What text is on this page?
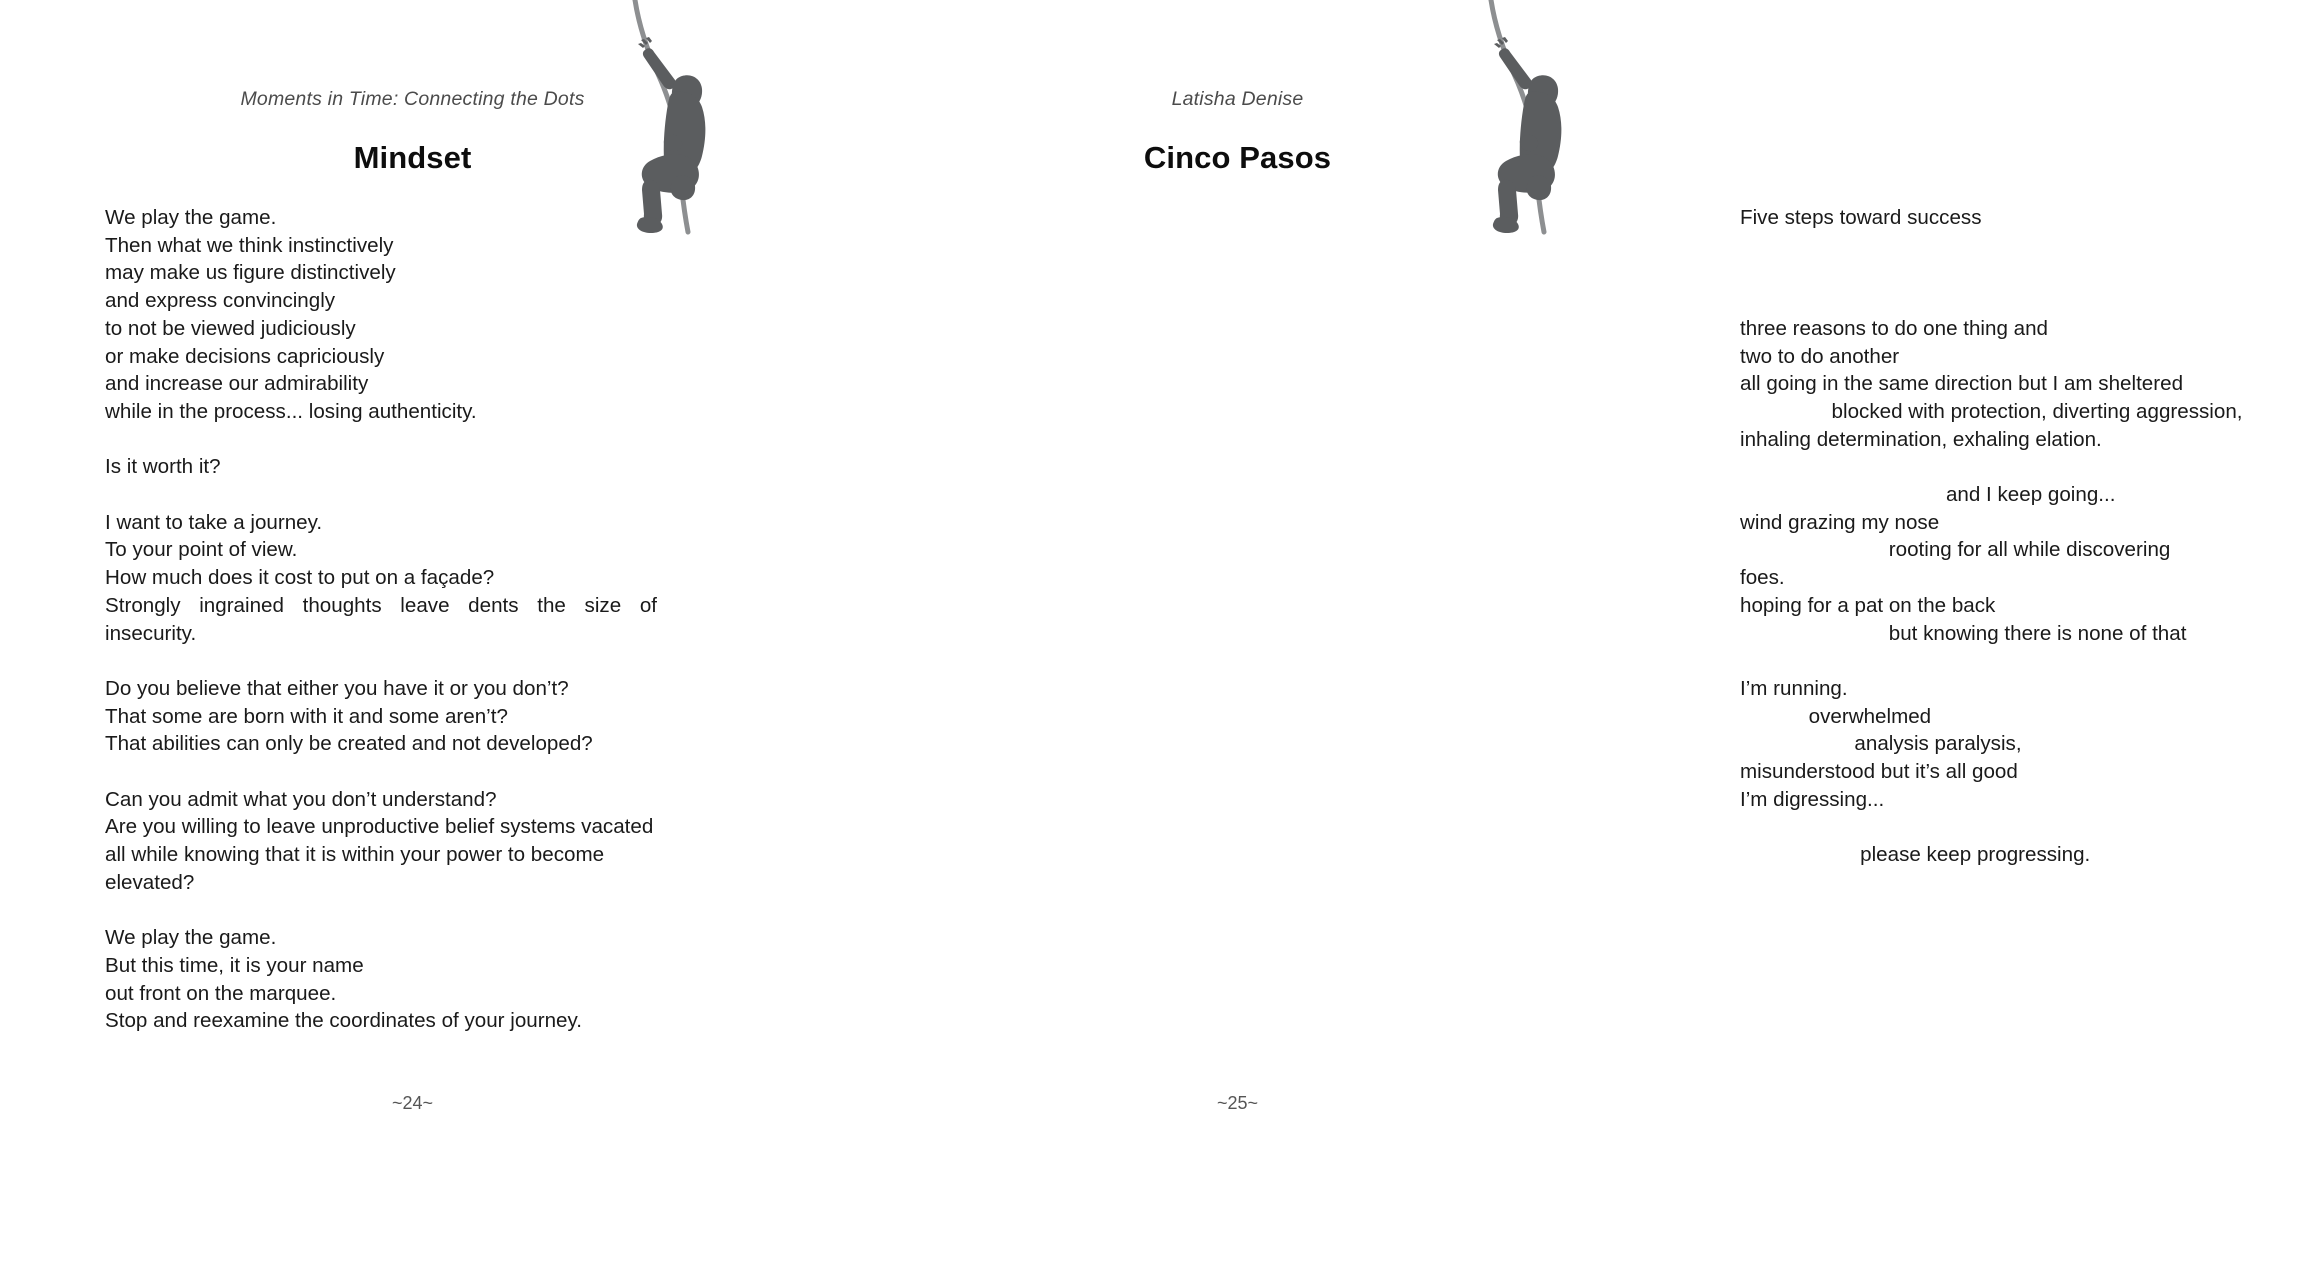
Moments in Time: Connecting the Dots
Mindset
We play the game.
Then what we think instinctively
may make us figure distinctively
and express convincingly
to not be viewed judiciously
or make decisions capriciously
and increase our admirability
while in the process... losing authenticity.

Is it worth it?

I want to take a journey.
To your point of view.
How much does it cost to put on a façade?
Strongly ingrained thoughts leave dents the size of insecurity.

Do you believe that either you have it or you don’t?
That some are born with it and some aren’t?
That abilities can only be created and not developed?

Can you admit what you don’t understand?
Are you willing to leave unproductive belief systems vacated
all while knowing that it is within your power to become
elevated?

We play the game.
But this time, it is your name
out front on the marquee.
Stop and reexamine the coordinates of your journey.
~24~
Latisha Denise
Cinco Pasos
Five steps toward success

three reasons to do one thing and
two to do another
all going in the same direction but I am sheltered
blocked with protection, diverting aggression,
inhaling determination, exhaling elation.

and I keep going...
wind grazing my nose
rooting for all while discovering
foes.
hoping for a pat on the back
but knowing there is none of that

I’m running.
overwhelmed
analysis paralysis,
misunderstood but it’s all good
I’m digressing...

please keep progressing.
~25~
